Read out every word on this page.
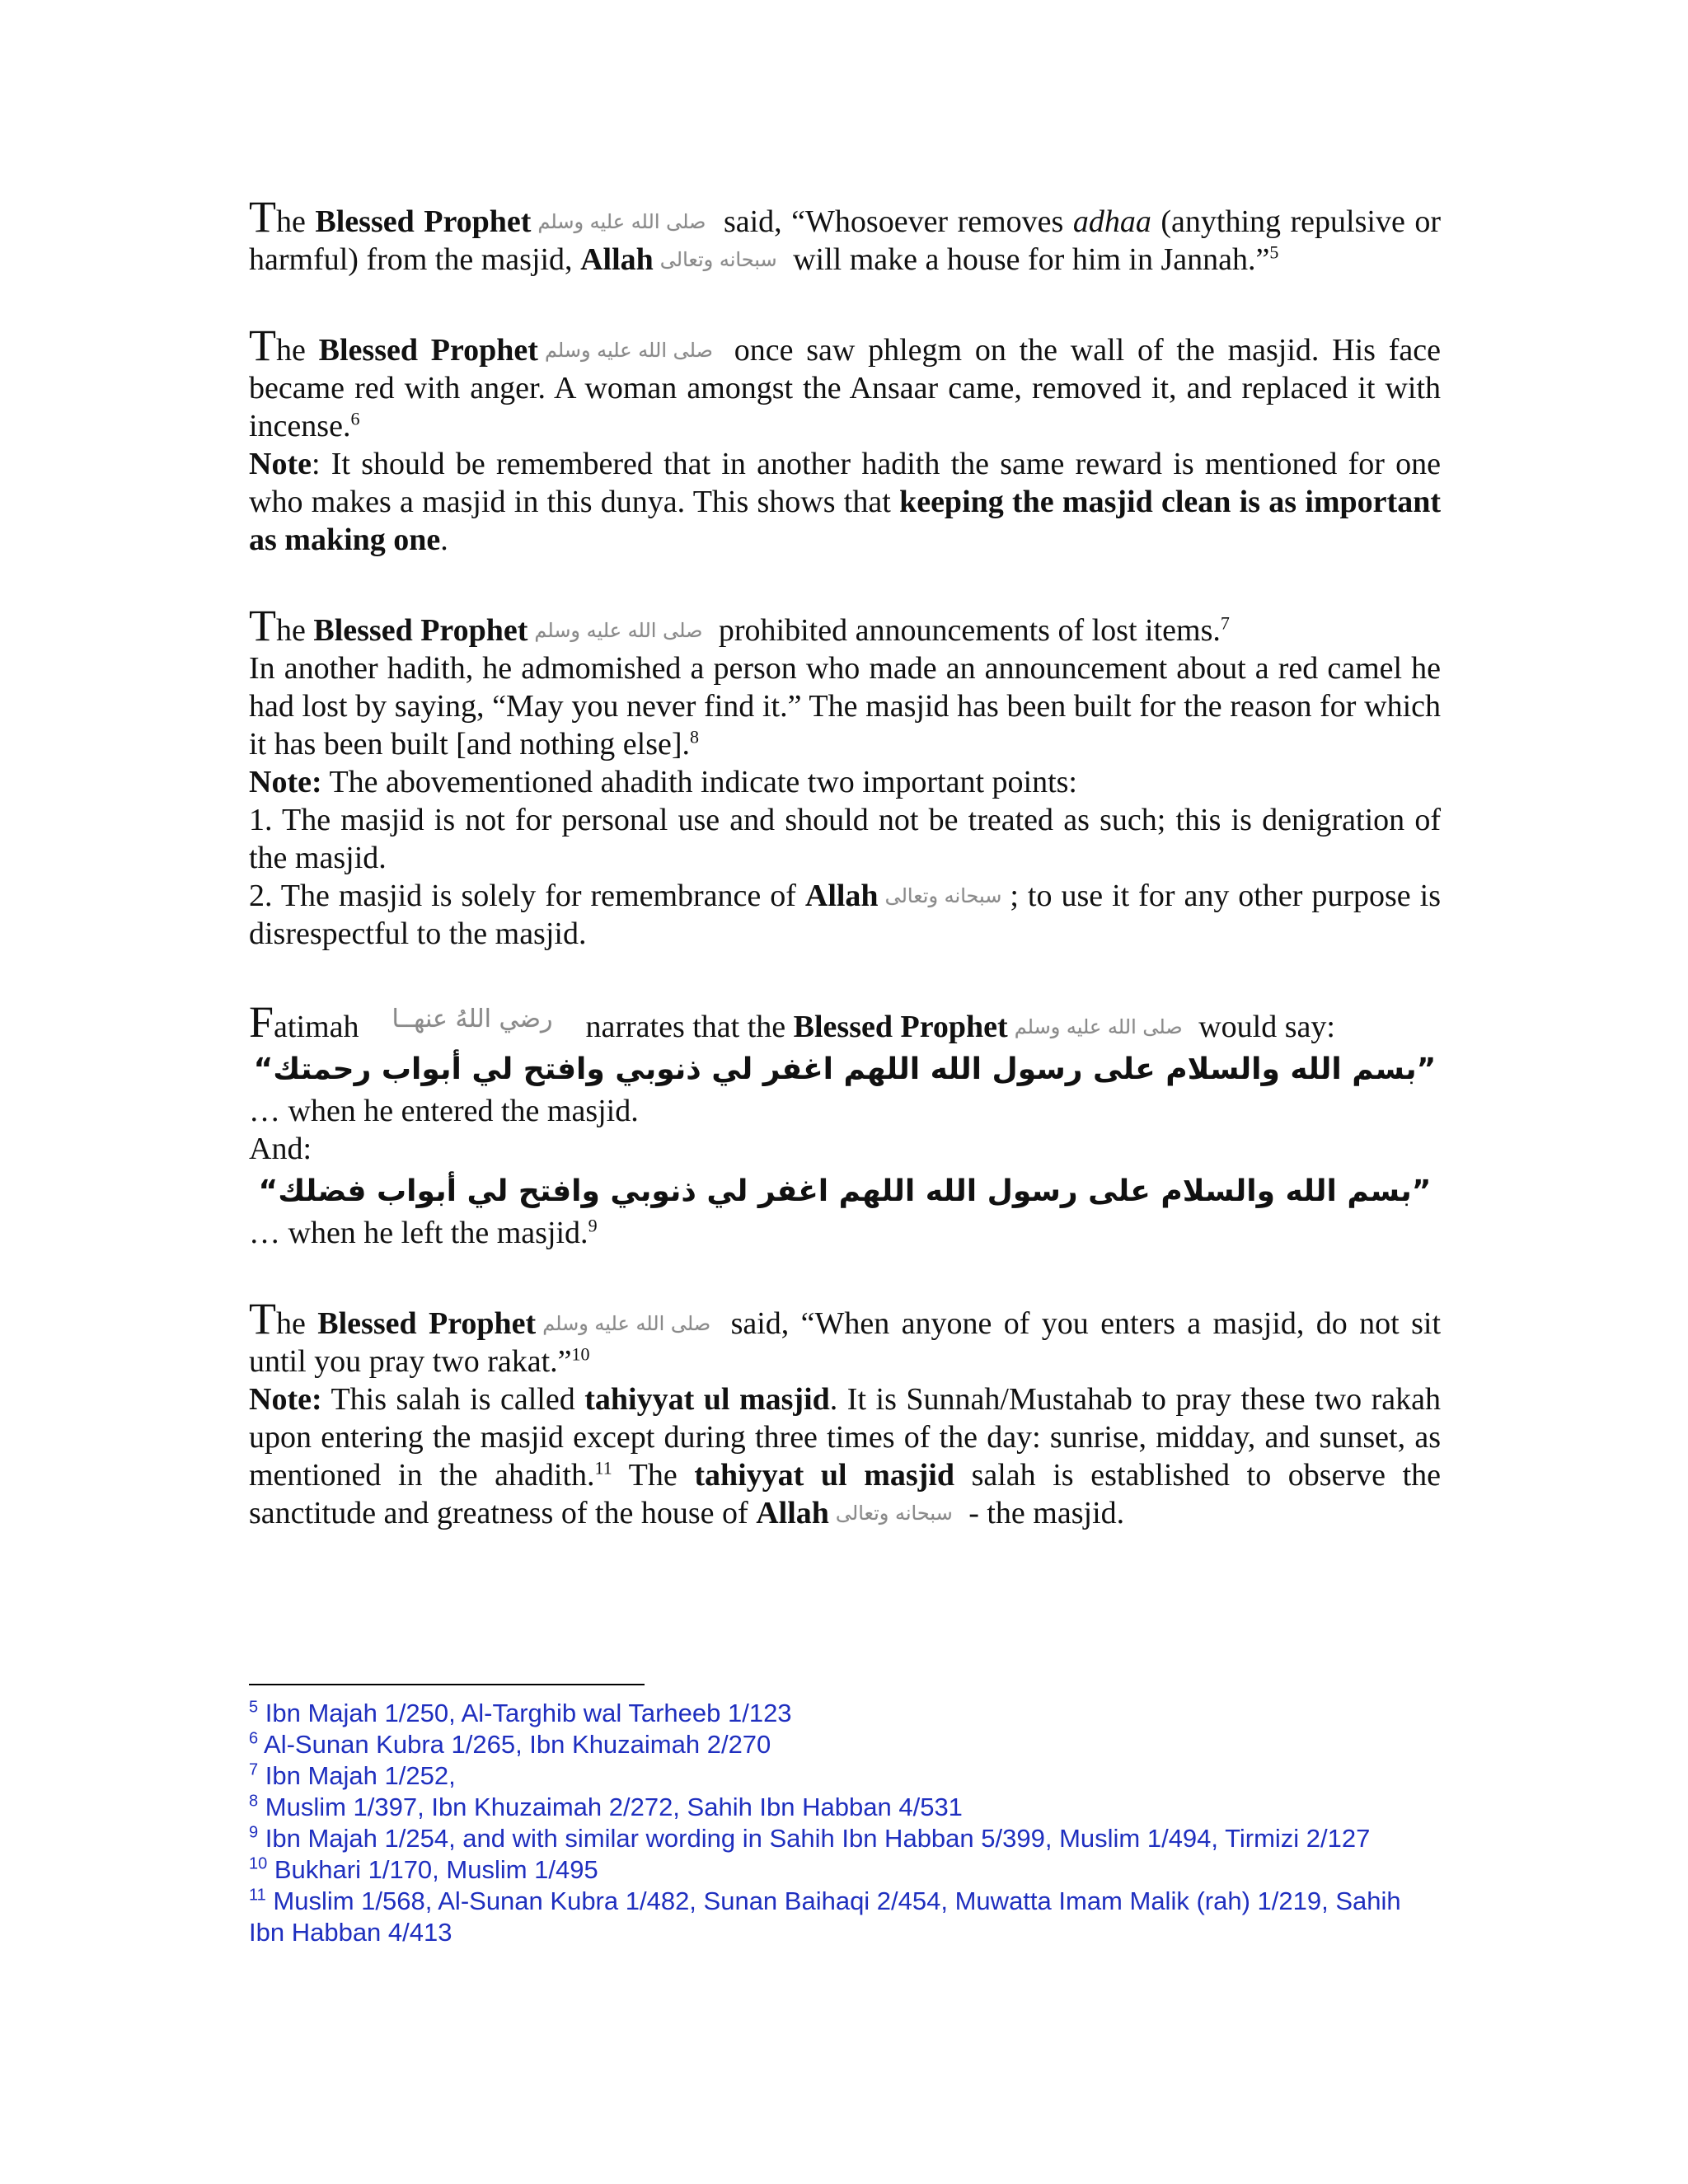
The Blessed Prophet صلى الله عليه وسلم said, “Whosoever removes adhaa (anything repulsive or harmful) from the masjid, Allah سبحانه وتعالى will make a house for him in Jannah.”$^5$

The Blessed Prophet صلى الله عليه وسلم once saw phlegm on the wall of the masjid. His face became red with anger. A woman amongst the Ansaar came, removed it, and replaced it with incense.$^6$

Note: It should be remembered that in another hadith the same reward is mentioned for one who makes a masjid in this dunya. This shows that keeping the masjid clean is as important as making one.

The Blessed Prophet صلى الله عليه وسلم prohibited announcements of lost items.$^7$

In another hadith, he admomished a person who made an announcement about a red camel he had lost by saying, “May you never find it.” The masjid has been built for the reason for which it has been built [and nothing else].$^8$

Note: The abovementioned ahadith indicate two important points:

1. The masjid is not for personal use and should not be treated as such; this is denigration of the masjid.

2. The masjid is solely for remembrance of Allah سبحانه وتعالى ; to use it for any other purpose is disrespectful to the masjid.

Fatimah رضي اللهُ عنهــا narrates that the Blessed Prophet صلى الله عليه وسلم would say:

”بسم الله والسلام على رسول الله اللهم اغفر لي ذنوبي وافتح لي أبواب رحمتك“

… when he entered the masjid.

And:

”بسم الله والسلام على رسول الله اللهم اغفر لي ذنوبي وافتح لي أبواب فضلك“

… when he left the masjid.$^9$

The Blessed Prophet صلى الله عليه وسلم said, “When anyone of you enters a masjid, do not sit until you pray two rakat.”$^{10}$

Note: This salah is called tahiyyat ul masjid. It is Sunnah/Mustahab to pray these two rakah upon entering the masjid except during three times of the day: sunrise, midday, and sunset, as mentioned in the ahadith.$^{11}$ The tahiyyat ul masjid salah is established to observe the sanctitude and greatness of the house of Allah سبحانه وتعالى - the masjid.

$^5$ Ibn Majah 1/250, Al-Targhib wal Tarheeb 1/123
$^6$ Al-Sunan Kubra 1/265, Ibn Khuzaimah 2/270
$^7$ Ibn Majah 1/252,
$^8$ Muslim 1/397, Ibn Khuzaimah 2/272, Sahih Ibn Habban 4/531
$^9$ Ibn Majah 1/254, and with similar wording in Sahih Ibn Habban 5/399, Muslim 1/494, Tirmizi 2/127
$^{10}$ Bukhari 1/170, Muslim 1/495
$^{11}$ Muslim 1/568, Al-Sunan Kubra 1/482, Sunan Baihaqi 2/454, Muwatta Imam Malik (rah) 1/219, Sahih Ibn Habban 4/413
